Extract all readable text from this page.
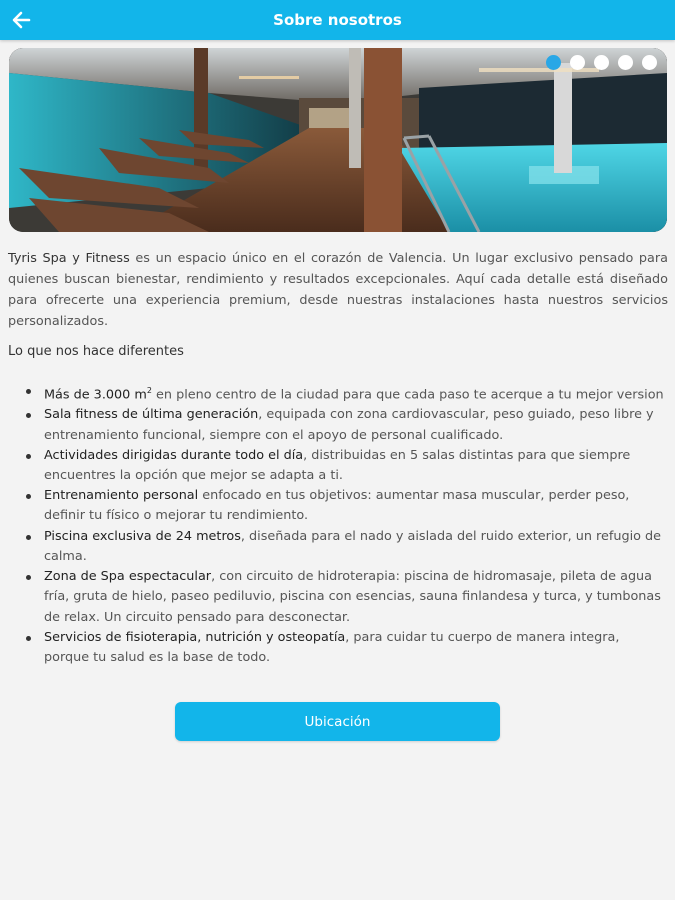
Sobre nosotros

Tyris Spa y Fitness es un espacio único en el corazón de Valencia. Un lugar exclusivo pensado para quienes buscan bienestar, rendimiento y resultados excepcionales. Aquí cada detalle está diseñado para ofrecerte una experiencia premium, desde nuestras instalaciones hasta nuestros servicios personalizados.

Lo que nos hace diferentes
Más de 3.000 $m^2$ en pleno centro de la ciudad para que cada paso te acerque a tu mejor version
Sala fitness de última generación, equipada con zona cardiovascular, peso guiado, peso libre y entrenamiento funcional, siempre con el apoyo de personal cualificado.
Actividades dirigidas durante todo el día, distribuidas en 5 salas distintas para que siempre encuentres la opción que mejor se adapta a ti.
Entrenamiento personal enfocado en tus objetivos: aumentar masa muscular, perder peso, definir tu físico o mejorar tu rendimiento.
Piscina exclusiva de 24 metros, diseñada para el nado y aislada del ruido exterior, un refugio de calma.
Zona de Spa espectacular, con circuito de hidroterapia: piscina de hidromasaje, pileta de agua fría, gruta de hielo, paseo pediluvio, piscina con esencias, sauna finlandesa y turca, y tumbonas de relax. Un circuito pensado para desconectar.
Servicios de fisioterapia, nutrición y osteopatía, para cuidar tu cuerpo de manera integra, porque tu salud es la base de todo.
Ubicación
